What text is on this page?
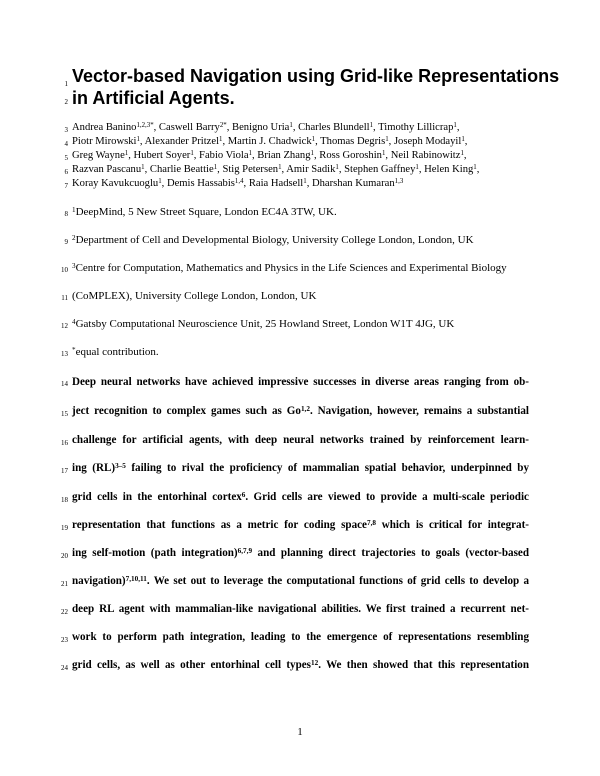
1
2
3
4
5
6
7
8
9
10
11
12
13
14
15
16
17
18
19
20
21
22
23
24
Vector-based Navigation using Grid-like Representations
in Artificial Agents.
Andrea Banino$^{1,2,3*}$, Caswell Barry$^{2*}$, Benigno Uria$^1$, Charles Blundell$^1$, Timothy Lillicrap$^1$,
Piotr Mirowski$^1$, Alexander Pritzel$^1$, Martin J. Chadwick$^1$, Thomas Degris$^1$, Joseph Modayil$^1$,
Greg Wayne$^1$, Hubert Soyer$^1$, Fabio Viola$^1$, Brian Zhang$^1$, Ross Goroshin$^1$, Neil Rabinowitz$^1$,
Razvan Pascanu$^1$, Charlie Beattie$^1$, Stig Petersen$^1$, Amir Sadik$^1$, Stephen Gaffney$^1$, Helen King$^1$,
Koray Kavukcuoglu$^1$, Demis Hassabis$^{1,4}$, Raia Hadsell$^1$, Dharshan Kumaran$^{1,3}$
$^1$DeepMind, 5 New Street Square, London EC4A 3TW, UK.
$^2$Department of Cell and Developmental Biology, University College London, London, UK
$^3$Centre for Computation, Mathematics and Physics in the Life Sciences and Experimental Biology
(CoMPLEX), University College London, London, UK
$^4$Gatsby Computational Neuroscience Unit, 25 Howland Street, London W1T 4JG, UK
*equal contribution.
Deep neural networks have achieved impressive successes in diverse areas ranging from ob-
ject recognition to complex games such as Go$^{1,2}$. Navigation, however, remains a substantial
challenge for artificial agents, with deep neural networks trained by reinforcement learn-
ing (RL)$^{3-5}$ failing to rival the proficiency of mammalian spatial behavior, underpinned by
grid cells in the entorhinal cortex$^6$. Grid cells are viewed to provide a multi-scale periodic
representation that functions as a metric for coding space$^{7,8}$ which is critical for integrat-
ing self-motion (path integration)$^{6,7,9}$ and planning direct trajectories to goals (vector-based
navigation)$^{7,10,11}$. We set out to leverage the computational functions of grid cells to develop a
deep RL agent with mammalian-like navigational abilities. We first trained a recurrent net-
work to perform path integration, leading to the emergence of representations resembling
grid cells, as well as other entorhinal cell types$^{12}$. We then showed that this representation
1
